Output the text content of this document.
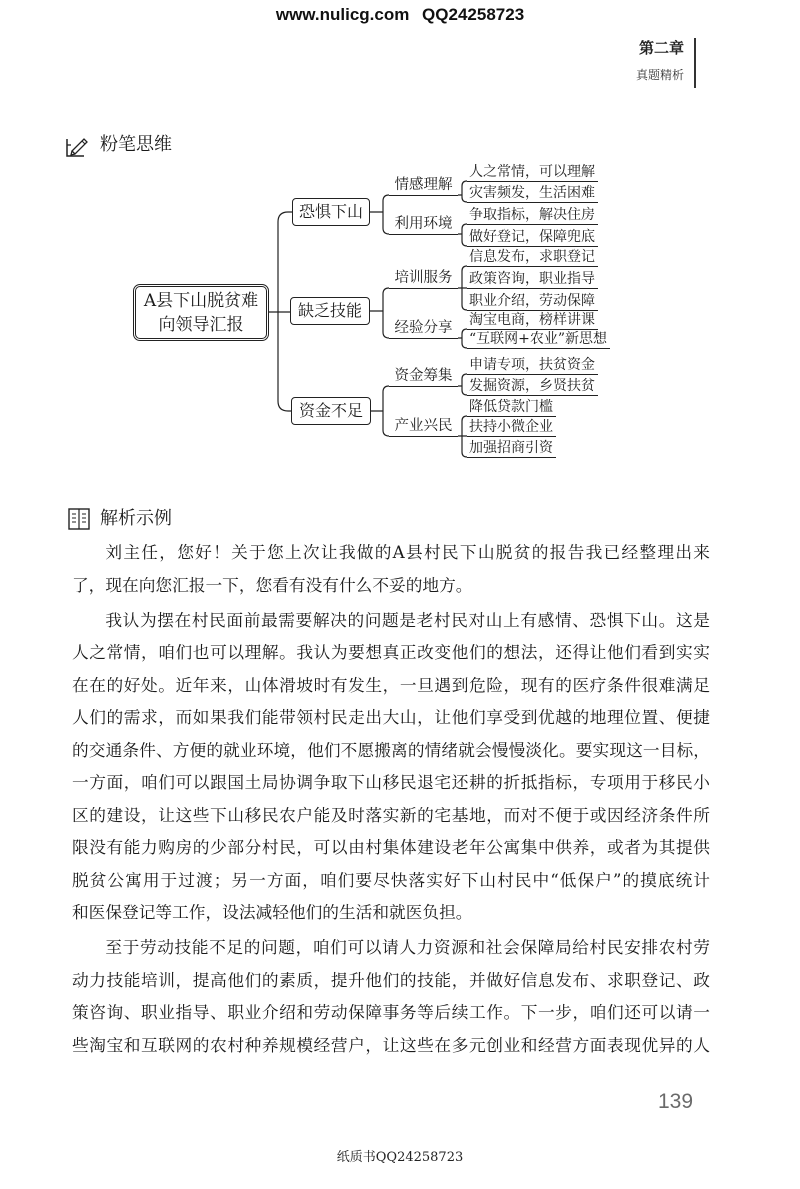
www.nulicg.com QQ24258723
第二章
真题精析
粉笔思维
A县下山脱贫难
向领导汇报
恐惧下山
情感理解
利用环境
人之常情，可以理解
灾害频发，生活困难
争取指标，解决住房
做好登记，保障兜底
缺乏技能
培训服务
经验分享
信息发布，求职登记
政策咨询，职业指导
职业介绍，劳动保障
淘宝电商，榜样讲课
“互联网+农业”新思想
资金不足
资金筹集
产业兴民
申请专项，扶贫资金
发掘资源，乡贤扶贫
降低贷款门槛
扶持小微企业
加强招商引资
解析示例
刘主任，您好！关于您上次让我做的A县村民下山脱贫的报告我已经整理出来
了，现在向您汇报一下，您看有没有什么不妥的地方。
我认为摆在村民面前最需要解决的问题是老村民对山上有感情、恐惧下山。这是
人之常情，咱们也可以理解。我认为要想真正改变他们的想法，还得让他们看到实实
在在的好处。近年来，山体滑坡时有发生，一旦遇到危险，现有的医疗条件很难满足
人们的需求，而如果我们能带领村民走出大山，让他们享受到优越的地理位置、便捷
的交通条件、方便的就业环境，他们不愿搬离的情绪就会慢慢淡化。要实现这一目标，
一方面，咱们可以跟国土局协调争取下山移民退宅还耕的折抵指标，专项用于移民小
区的建设，让这些下山移民农户能及时落实新的宅基地，而对不便于或因经济条件所
限没有能力购房的少部分村民，可以由村集体建设老年公寓集中供养，或者为其提供
脱贫公寓用于过渡；另一方面，咱们要尽快落实好下山村民中“低保户”的摸底统计
和医保登记等工作，设法减轻他们的生活和就医负担。
至于劳动技能不足的问题，咱们可以请人力资源和社会保障局给村民安排农村劳
动力技能培训，提高他们的素质，提升他们的技能，并做好信息发布、求职登记、政
策咨询、职业指导、职业介绍和劳动保障事务等后续工作。下一步，咱们还可以请一
些淘宝和互联网的农村种养规模经营户，让这些在多元创业和经营方面表现优异的人
139
纸质书QQ24258723
